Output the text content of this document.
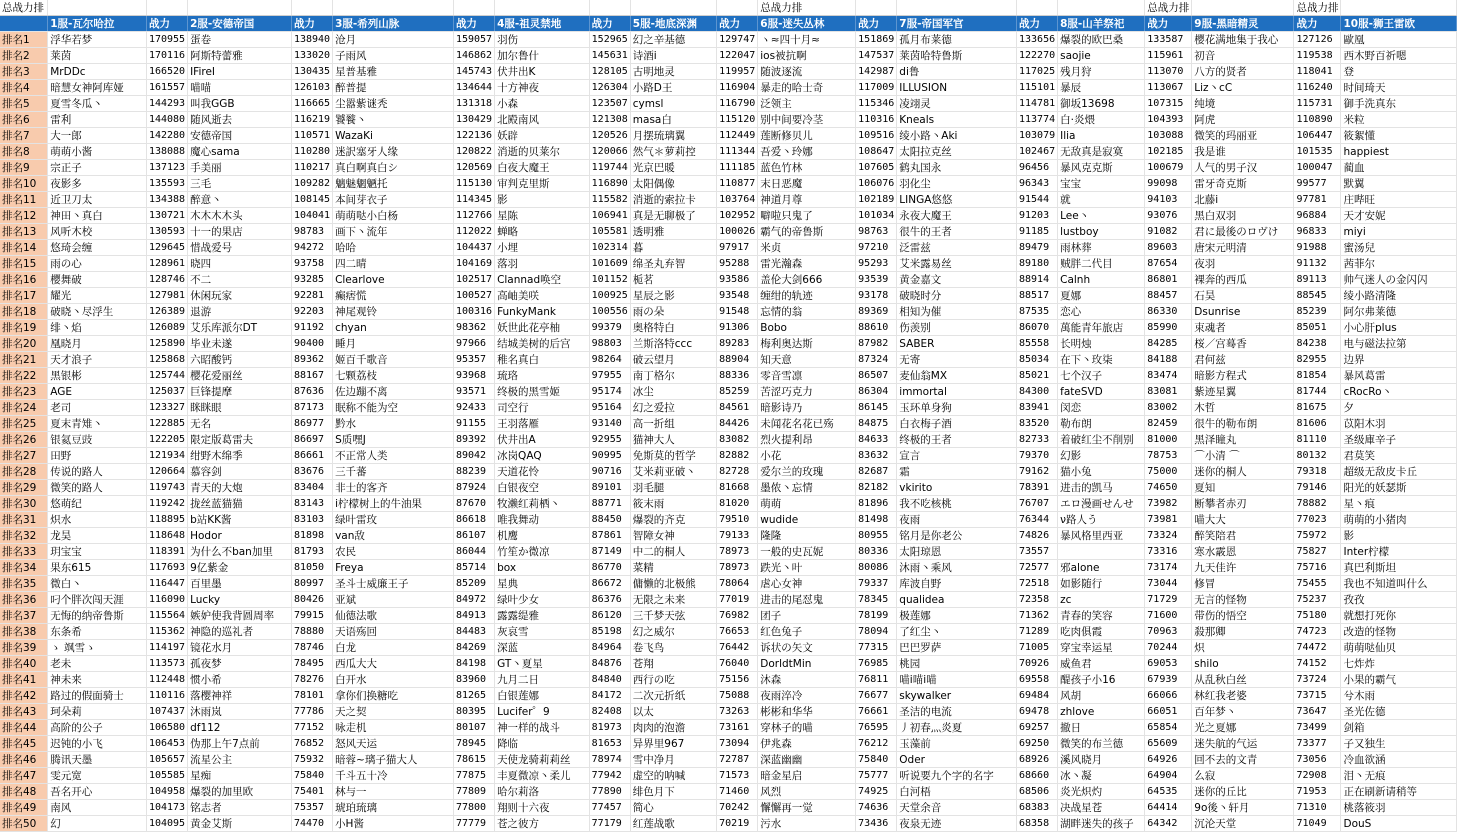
总战力排											总战力排					总战力排		总战力排	
	1服-瓦尔哈拉	战力	2服-安德帝国	战力	3服-希列山脉	战力	4服-祖灵禁地	战力	5服-地底深渊	战力	6服-迷失丛林	战力	7服-帝国军官	战力	8服-山羊祭祀	战力	9服-黑暗精灵	战力	10服-狮王雷欧
排名1	浮华若梦	170955	蛋卷	138940	沧月	159057	羽伤	152965	幻之辛基德	129747	ヽ≈四十月≈	151869	孤月布莱德	133656	爆裂的欧巴桑	133587	樱花满地集于我心	127126	歐凰
排名2	莱茵	170116	阿斯特蕾雅	133020	子雨风	146862	加尔鲁什	145631	诗酒i	122047	ios被抗啊	147537	莱茵哈特鲁斯	122270	saojie	115961	初音	119538	西木野百祈嗯
排名3	MrDDc	166520	IFireI	130435	星普基雅	145743	伏井出K	128105	古明地灵	119957	随波逐流	142987	di鲁	117025	残月狩	113070	八方的贤者	118041	登
排名4	暗慧女神阿库娅	161557	喵喵	126103	醉普提	134644	十方神夜	126304	小路D王	116904	暴走的哈士奇	117009	ILLUSION	115101	暴辰	113067	Liz丶cC	116240	时间琦天
排名5	夏雪冬瓜丶	144293	叫我GGB	116665	尘嚣紫谜秃	131318	小森	123507	cymsl	116790	泛领主	115346	凌翊灵	114781	御坂13698	107315	纯境	115731	御手洗真东
排名6	雷利	144080	随风逝去	116219	饕餮丶	130429	北殿南风	121308	masa白	115120	别中间要冷茎	110316	Kneals	113774	白·炎煨	104393	阿虎	110890	米粒
排名7	大一郎	142280	安德帝国	110571	WazaKi	122136	妖辟	120526	月摆琉璃翼	112449	莲断修贝儿	109516	绫小路丶Aki	103079	Ilia	103088	微笑的玛丽亚	106447	筱絮懂
排名8	萌萌小酱	138088	魔心sama	110280	迷訳塞牙人缘	120822	消逝的贝莱尔	120066	然气＊萝莉控	111344	吾爱丶玲娜	108647	太阳拉克丝	102467	无敌真是寂寞	102185	我是谁	101535	happiest
排名9	宗正子	137123	手美丽	110217	真白啊真白シ	120569	白夜大魔王	119744	光京巴暖	111185	蓝色竹林	107605	鹤丸国永	96456	暴风克克斯	100679	人气的男子汉	100047	蔺血
排名10	夜影多	135593	三毛	109282	魑魅魍魉托	115130	审判克里斯	116890	太阳偶像	110877	末日恶魔	106076	羽化尘	96343	宝宝	99098	雷牙奇克斯	99577	默翼
排名11	近卫刀太	134388	醉意丶	108145	本间芽衣子	114345	影	115582	消逝的索拉卡	103764	神道月尊	102189	LINGA悠悠	91544	就	94103	北藤i	97781	庄哔旺
排名12	神田丶真白	130721	木木木木头	104041	萌萌哒小白杨	112766	星陈	106941	真是无聊极了	102952	噼啦只鬼了	101034	永夜大魔王	91203	Lee丶	93076	黑白双羽	96884	天才安妮
排名13	风听木校	130593	十一的果店	98783	画下丶流年	112022	蝉略	105581	透明雅	100026	霸气的帝鲁斯	98763	很牛的王者	91185	lustboy	91082	君に最後のロヴけ	96833	miyi
排名14	悠琦会缠	129645	惜战爱号	94272	哈哈	104437	小埋	102314	暮	97917	米贞	97210	泛雷兹	89479	雨林葬	89603	唐宋元明清	91988	蜜汤兒
排名15	雨の心	128961	晓四	93758	四二晴	104169	落羽	101609	绵圣丸弃智	95288	雷光瀚森	95293	艾米露易丝	89180	贼胖二代目	87654	夜羽	91132	茜菲尔
排名16	樱舞破	128746	不二	93285	Clearlove	102517	Clannad唤空	101152	栀茗	93586	盖伦大剑666	93539	黄金嘉文	88914	Calnh	86801	裸奔的西瓜	89113	帅气迷人の金闪闪
排名17	耀光	127981	休闲玩家	92281	癫痞慌	100527	高岫美咲	100925	星辰之影	93548	缠绀的轨迹	93178	破晓时分	88517	夏娜	88457	石昊	88545	绫小路清隆
排名18	破晓丶尽浮生	126389	退游	92203	神尾观铃	100316	FunkyMank	100556	雨の朵	91548	忘情的翁	89369	相知为催	87535	恋心	86330	Dsunrise	85239	阿尔弗莱德
排名19	绯丶焰	126089	艾乐库派尔DT	91192	chyan	98362	妖世此花亭柚	99379	奥格特白	91306	Bobo	88610	伤羡别	86070	萬能青年旅店	85990	束魂者	85051	小心肝plus
排名20	凰晓月	125890	毕业未遂	90400	睡月	97966	结城美树的后宫	98803	兰斯洛特ccc	89283	梅利奥达斯	87982	SABER	85558	长明烛	84285	桜／宫蓦香	84238	电与磁法拉第
排名21	天才浪子	125868	六昭酸钙	89362	姬百千歌音	95357	稚名真白	98264	破云望月	88904	知天意	87324	无寄	85034	在下丶玫柒	84188	君何兹	82955	边界
排名22	黑银彬	125744	樱花爱丽丝	88167	七颗荔枝	93968	琉珞	97955	南丁格尔	88336	零音雪凛	86507	麦仙翁MX	85021	七个汉子	83474	暗影方程式	81854	暴风葛雷
排名23	AGE	125037	巨锋提摩	87636	佐边蹦不离	93571	终极的黑雪姬	95174	冰尘	85259	苦涩巧克力	86304	immortal	84300	fateSVD	83081	紫迹星翼	81744	cRocRo丶
排名24	老司	123327	眯眯眼	87173	眠称不能为空	92433	司空行	95164	幻之爱拉	84561	暗影诗乃	86145	玉环单身狗	83941	闵恋	83002	木哲	81675	夕
排名25	夏末青雉丶	122885	无名	86977	黔水	91155	王羽落雁	93140	高一折组	84426	未闻花名花已殇	84875	白衣梅子酒	83520	勒布朗	82459	很牛的勒布朗	81606	苡阳木羽
排名26	银氦豆豉	122205	限定版葛雷夫	86697	S质嘿J	89392	伏井出A	92955	猫神大人	83082	烈火提利昂	84633	终极的王者	82733	着破红尘不削别	81000	黑泽瞳丸	81110	圣级庫辛子
排名27	田野	121934	绀野木绵季	86661	不正常人类	89042	冰岗QAQ	90995	免斯莫的哲学	82882	小花	83632	宣言	79370	幻影	78753	⌒小清 ⌒	80132	君莫笑
排名28	传说的路人	120664	慕容剑	83676	三千蕃	88239	天道花怜	90716	艾米莉亚破丶	82728	爱尔兰的玫瑰	82687	霜	79162	猫小兔	75000	迷你的桐人	79318	超级无敌皮卡丘
排名29	微笑的路人	119743	青天的大炮	83404	非士的客齐	87924	白银夜空	89101	羽毛腿	81668	墨侬丶忘情	82182	vkirito	78391	进击的凯马	74650	夏知	79146	阳光的妖瑟斯
排名30	悠萌纪	119242	拢丝蓝猫猫	83143	i柠檬树上的牛油果	87670	牧濑红莉栖丶	88771	筱末雨	81020	萌萌	81896	我不吃核桃	76707	エロ漫画せんせ	73982	断攀者赤刃	78882	星丶痕
排名31	炽水	118895	b站KK酱	83103	绿叶雷玫	86618	唯我舞动	88450	爆裂的齐克	79510	wudide	81498	夜雨	76344	ν路人う	73981	喵大大	77023	萌萌的小猪肉
排名32	龙昊	118648	Hodor	81898	van敌	86107	机鹰	87861	智障女神	79133	隆隆	80955	铭月是你老公	74826	暴风格里西亚	73324	醉笑陪君	75972	影
排名33	玥宝宝	118391	为什么不ban加里	81793	农民	86044	竹笙か微凉	87149	中二的桐人	78973	一般的史瓦妮	80336	太阳琼恩	73557		73316	寒水霰恩	75827	Inter柠檬
排名34	果东615	117693	9亿紫金	81050	Freya	85714	box	86770	菜精	78973	跌光丶叶	80086	沐雨丶乘风	72577	邪alone	73174	九天佳许	75716	真巴利斯坦
排名35	微白丶	116447	百里墨	80997	圣斗士威廉王子	85209	星典	86672	傭懒的北极熊	78064	虐心女神	79337	库波自野	72518	如影随行	73044	修冒	75455	我也不知道叫什么
排名36	叼个胖次闯天涯	116090	Lucky	80426	亚斌	84972	绿叶少女	86376	无限之未来	77019	进击的尾怼鬼	78345	qualidea	72358	zc	71729	无言的怪物	75237	孜孜
排名37	无悔的纳帝鲁斯	115564	嫉妒使我背圆周率	79915	仙德法歌	84913	露露缇雅	86120	三千梦天弦	76982	团子	78199	极莲娜	71362	青春的笑容	71600	带伤的悟空	75180	就想打死你
排名38	东条希	115362	神隐的巡礼者	78880	天语殇回	84483	灰哀雪	85198	幻之威尔	76653	红色兔子	78094	了红尘丶	71289	吃肉俱霞	70963	殺那卿	74723	改造的怪物
排名39	ゝ 飒雪ゝ	114197	镜花水月	78746	白龙	84269	深蓝	84964	卷飞鸟	76442	诉状の矢文	77315	巴巴罗萨	71005	穿宝幸运星	70244	炽	74472	萌萌哒仙贝
排名40	老未	113573	孤夜梦	78495	西瓜大大	84198	GT丶夏星	84876	苍翔	76040	DorldtMin	76985	桃园	70926	威鱼君	69053	shilo	74152	七炸炸
排名41	神未来	112448	惯小希	78276	白开水	83960	九月二日	84840	西行の吃	75156	沐森	76811	喵i喵i喵	69558	醍孩子小16	67939	从乱秋白丝	73724	小果的霸气
排名42	路过的假面骑士	110116	落樱神祥	78101	拿你们换糖吃	81265	白银莲娜	84172	二次元折纸	75088	夜雨淬冷	76677	skywalker	69484	风胡	66066	林红我老婆	73715	兮木雨
排名43	珂朵莉	107437	沐雨岚	77786	天之契	80395	Lucifer゜9	82408	以太	73263	彬彬和华华	76661	圣洁的电流	69478	zhlove	66051	百年梦丶	73647	圣光佐德
排名44	高阶的公子	106580	df112	77152	咏走机	80107	神一样的战斗	81973	肉肉的泡澹	73161	穿林子的喵	76595	丿初春灬炎夏	69257	撤日	65854	光之夏娜	73499	剑箱
排名45	迟钝的小飞	106453	伪那上午7点前	76852	怒风天运	78945	降临	81653	异界里967	73094	伊兆森	76212	玉藻前	69250	微笑的布兰德	65609	迷失航的气运	73377	子又独生
排名46	腾讯天墨	105657	流星公主	75932	暗蓉~璃子猫大人	78615	天使龙骑莉莉丝	78974	雪中净月	72787	深蓝幽幽	75840	Oder	68926	溪风晓月	64926	回不去的文青	73056	冷血欲涵
排名47	雯元宽	105585	星痴	75840	千斗五十冷	77875	丰夏微凉丶柔儿	77942	虚空的呐喊	71573	暗金星启	75777	听说要九个字的名字	68660	冰丶凝	64904	么寂	72908	泪丶无痕
排名48	吾名开心	104958	爆裂的加里欧	75401	林与一	77809	哈尔莉洛	77890	绯色月下	71460	风烈	74925	白河梧	68506	炎光炽灼	64535	迷你的丘比	71953	正在刷新请稍等
排名49	南风	104173	铭志者	75357	琥珀琉璃	77800	翔则十六夜	77457	简心	70242	懈懈再一觉	74636	天堂余音	68383	决战星苍	64414	9o後丶轩月	71310	桃落筱羽
排名50	幻	104095	黄金艾斯	74470	小H酱	77779	苍之彼方	77179	红莲战歌	70219	污水	73436	夜泉无迹	68358	湖畔迷失的孩子	64342	沉沦天堂	71049	DouS
